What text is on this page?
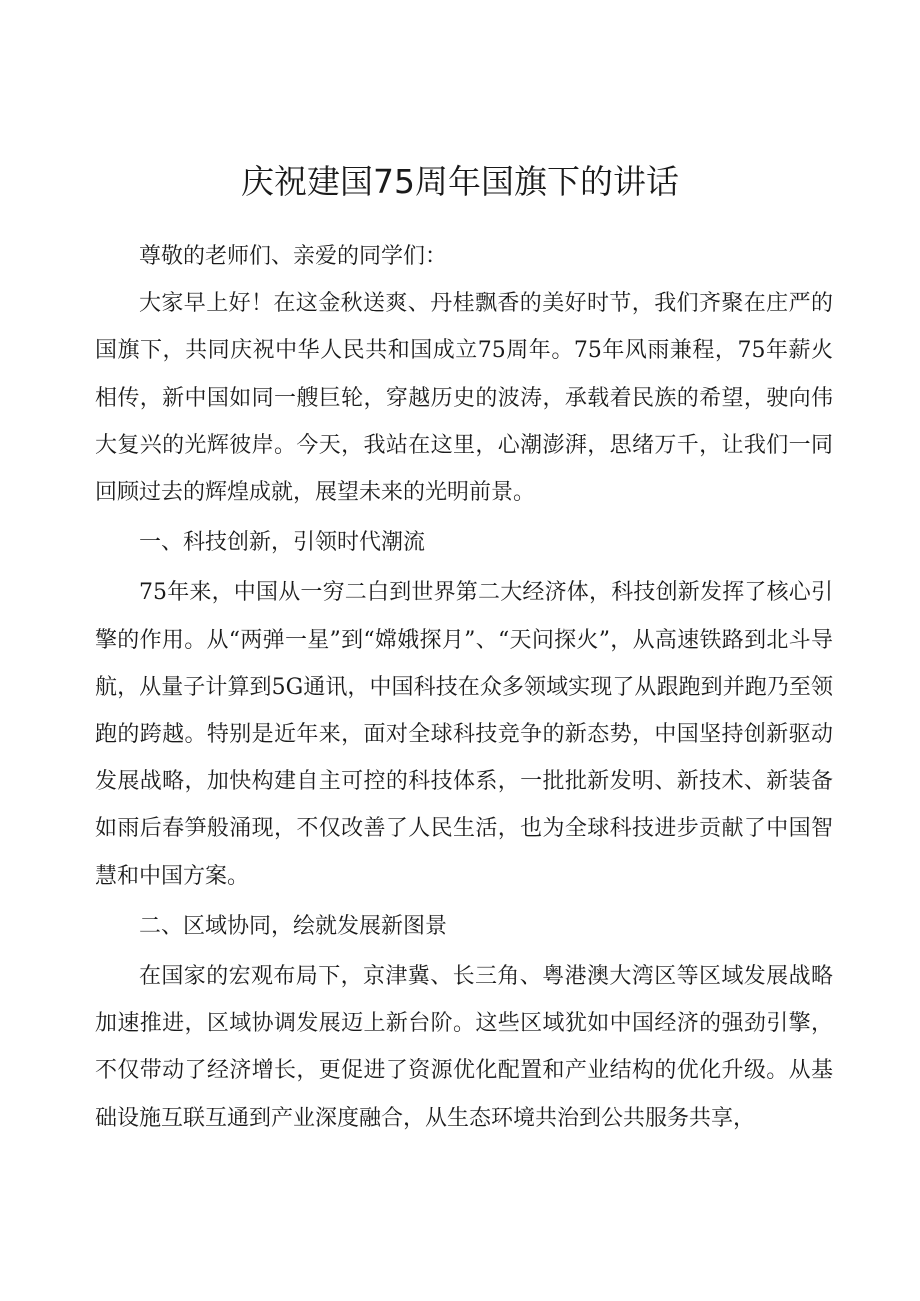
庆祝建国75周年国旗下的讲话

尊敬的老师们、亲爱的同学们：

大家早上好！在这金秋送爽、丹桂飘香的美好时节，我们齐聚在庄严的国旗下，共同庆祝中华人民共和国成立75周年。75年风雨兼程，75年薪火相传，新中国如同一艘巨轮，穿越历史的波涛，承载着民族的希望，驶向伟大复兴的光辉彼岸。今天，我站在这里，心潮澎湃，思绪万千，让我们一同回顾过去的辉煌成就，展望未来的光明前景。

一、科技创新，引领时代潮流

75年来，中国从一穷二白到世界第二大经济体，科技创新发挥了核心引擎的作用。从“两弹一星”到“嫦娥探月”、“天问探火”，从高速铁路到北斗导航，从量子计算到5G通讯，中国科技在众多领域实现了从跟跑到并跑乃至领跑的跨越。特别是近年来，面对全球科技竞争的新态势，中国坚持创新驱动发展战略，加快构建自主可控的科技体系，一批批新发明、新技术、新装备如雨后春笋般涌现，不仅改善了人民生活，也为全球科技进步贡献了中国智慧和中国方案。

二、区域协同，绘就发展新图景

在国家的宏观布局下，京津冀、长三角、粤港澳大湾区等区域发展战略加速推进，区域协调发展迈上新台阶。这些区域犹如中国经济的强劲引擎，不仅带动了经济增长，更促进了资源优化配置和产业结构的优化升级。从基础设施互联互通到产业深度融合，从生态环境共治到公共服务共享，
